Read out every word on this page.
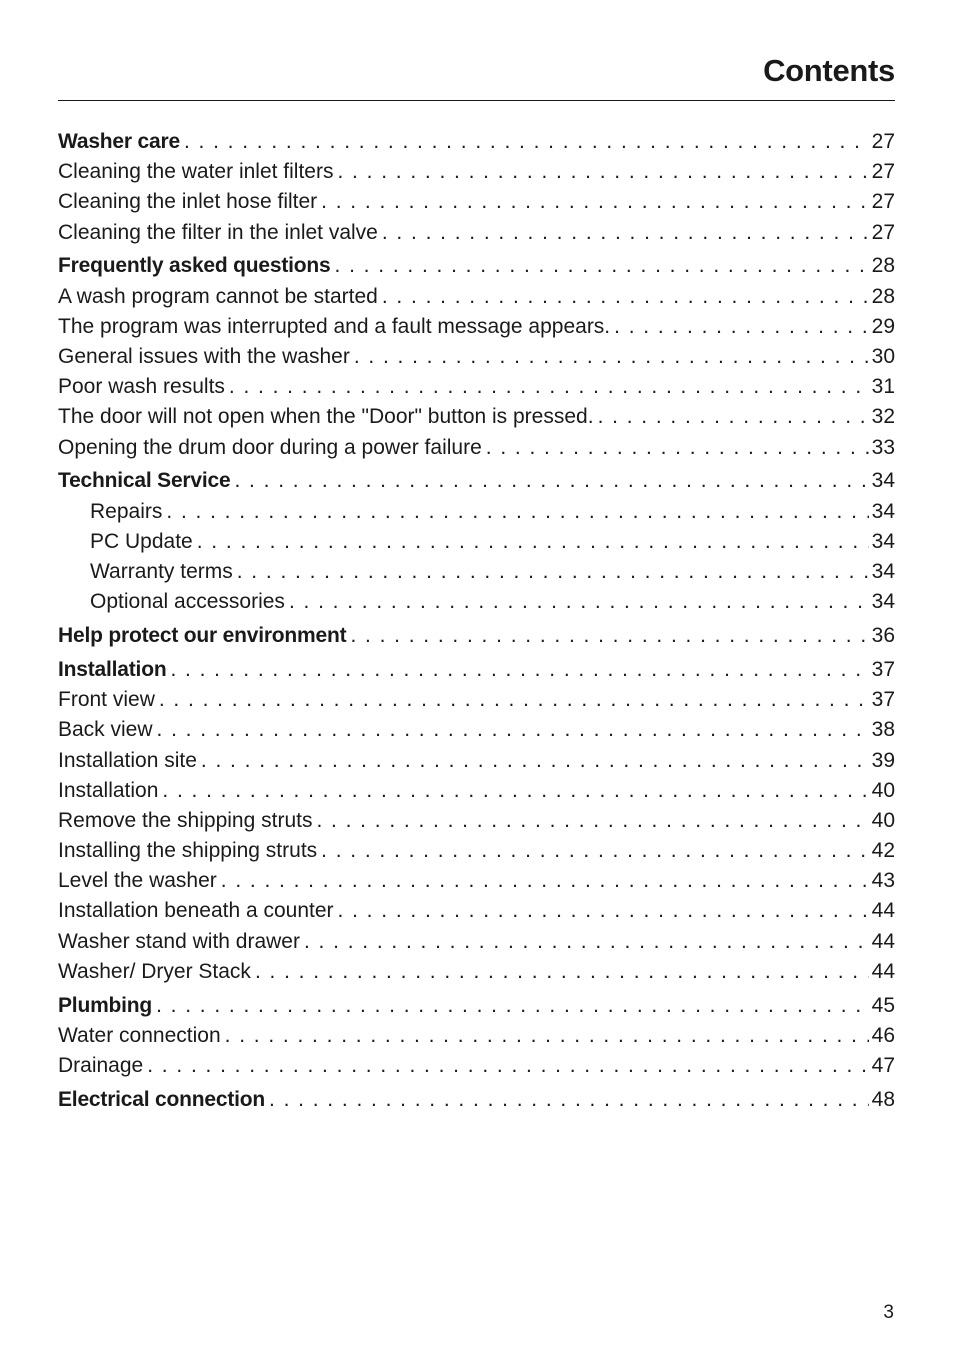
Contents
Washer care . . .	27
Cleaning the water inlet filters . . .	27
Cleaning the inlet hose filter . . .	27
Cleaning the filter in the inlet valve . . .	27
Frequently asked questions . . .	28
A wash program cannot be started . . .	28
The program was interrupted and a fault message appears. . . .	29
General issues with the washer . . .	30
Poor wash results . . .	31
The door will not open when the "Door" button is pressed. . . .	32
Opening the drum door during a power failure . . .	33
Technical Service . . .	34
Repairs . . .	34
PC Update . . .	34
Warranty terms . . .	34
Optional accessories . . .	34
Help protect our environment . . .	36
Installation . . .	37
Front view . . .	37
Back view . . .	38
Installation site . . .	39
Installation . . .	40
Remove the shipping struts . . .	40
Installing the shipping struts . . .	42
Level the washer . . .	43
Installation beneath a counter . . .	44
Washer stand with drawer . . .	44
Washer/ Dryer Stack . . .	44
Plumbing . . .	45
Water connection . . .	46
Drainage . . .	47
Electrical connection . . .	48
3
